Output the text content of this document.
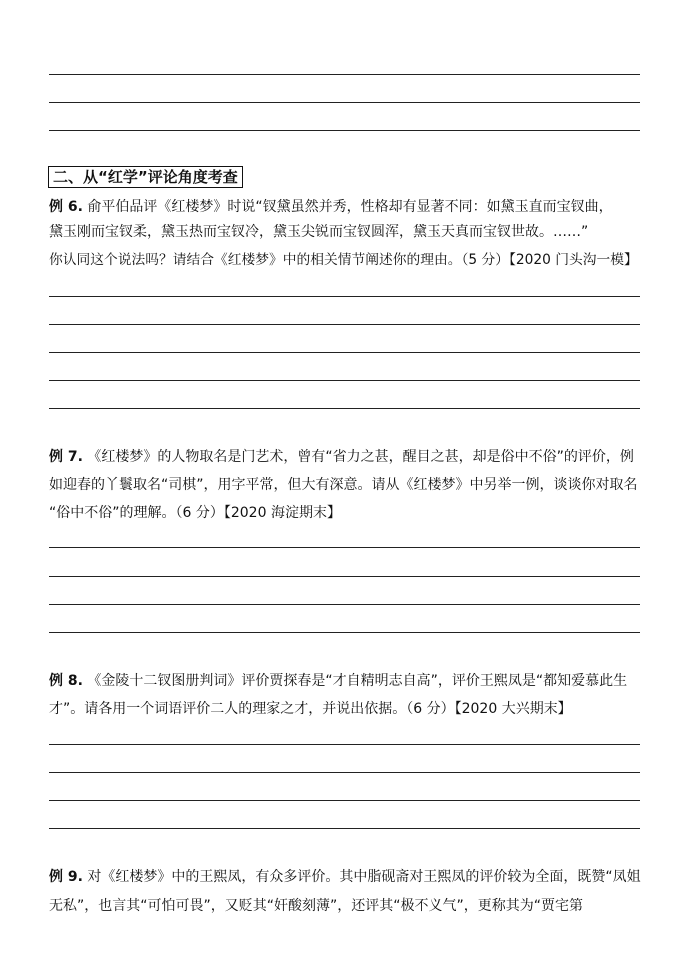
二、从“红学”评论角度考查
例 6. 俞平伯品评《红楼梦》时说“钗黛虽然并秀，性格却有显著不同：如黛玉直而宝钗曲，
黛玉刚而宝钗柔，黛玉热而宝钗冷，黛玉尖锐而宝钗圆浑，黛玉天真而宝钗世故。……”
你认同这个说法吗？请结合《红楼梦》中的相关情节阐述你的理由。（5 分）【2020 门头沟一模】
例 7. 《红楼梦》的人物取名是门艺术，曾有“省力之甚，醒目之甚，却是俗中不俗”的评价，例
如迎春的丫鬟取名“司棋”，用字平常，但大有深意。请从《红楼梦》中另举一例，谈谈你对取名
“俗中不俗”的理解。（6 分）【2020 海淀期末】
例 8. 《金陵十二钗图册判词》评价贾探春是“才自精明志自高”，评价王熙凤是“都知爱慕此生
才”。请各用一个词语评价二人的理家之才，并说出依据。（6 分）【2020 大兴期末】
例 9. 对《红楼梦》中的王熙凤，有众多评价。其中脂砚斋对王熙凤的评价较为全面，既赞“凤姐
无私”，也言其“可怕可畏”，又贬其“奸酸刻薄”，还评其“极不义气”，更称其为“贾宅第
